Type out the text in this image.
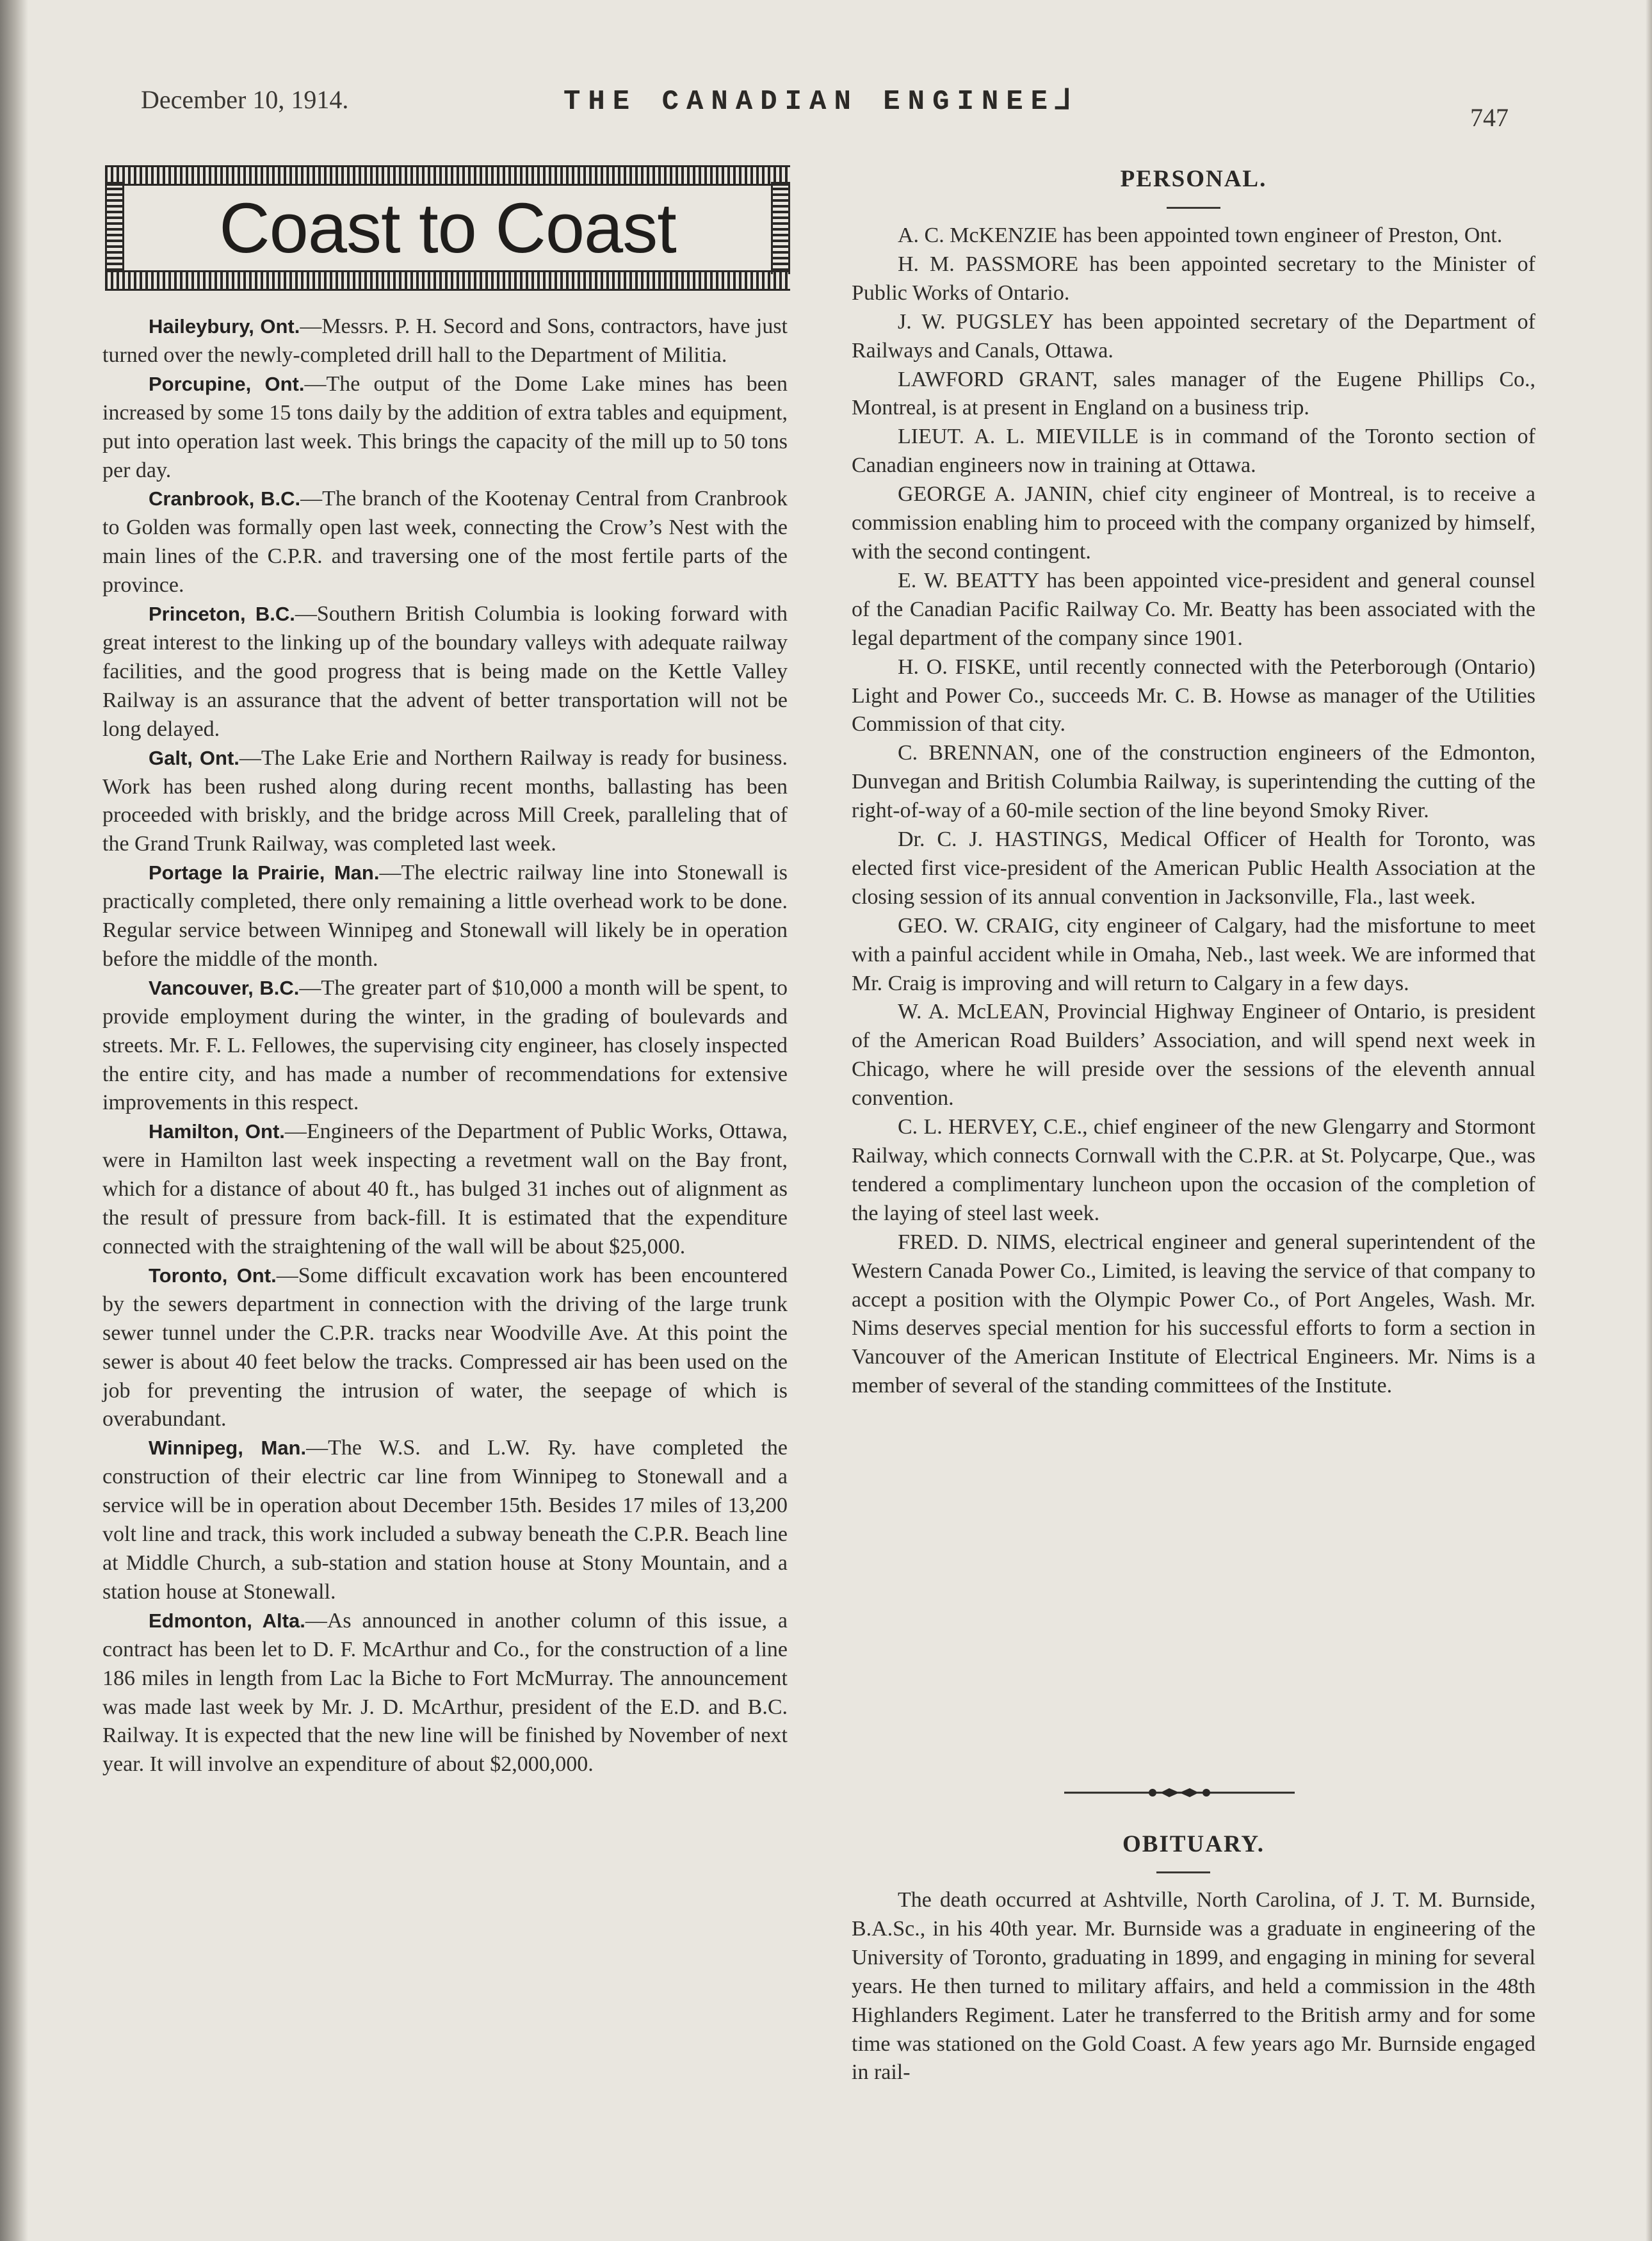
December 10, 1914.	THE CANADIAN ENGINEE⅃	747
Coast to Coast

Haileybury, Ont.—Messrs. P. H. Secord and Sons, contractors, have just turned over the newly-completed drill hall to the Department of Militia.

Porcupine, Ont.—The output of the Dome Lake mines has been increased by some 15 tons daily by the addition of extra tables and equipment, put into operation last week. This brings the capacity of the mill up to 50 tons per day.

Cranbrook, B.C.—The branch of the Kootenay Central from Cranbrook to Golden was formally open last week, connecting the Crow’s Nest with the main lines of the C.P.R. and traversing one of the most fertile parts of the province.

Princeton, B.C.—Southern British Columbia is looking forward with great interest to the linking up of the boundary valleys with adequate railway facilities, and the good progress that is being made on the Kettle Valley Railway is an assurance that the advent of better transportation will not be long delayed.

Galt, Ont.—The Lake Erie and Northern Railway is ready for business. Work has been rushed along during recent months, ballasting has been proceeded with briskly, and the bridge across Mill Creek, paralleling that of the Grand Trunk Railway, was completed last week.

Portage la Prairie, Man.—The electric railway line into Stonewall is practically completed, there only remaining a little overhead work to be done. Regular service between Winnipeg and Stonewall will likely be in operation before the middle of the month.

Vancouver, B.C.—The greater part of $10,000 a month will be spent, to provide employment during the winter, in the grading of boulevards and streets. Mr. F. L. Fellowes, the supervising city engineer, has closely inspected the entire city, and has made a number of recommendations for extensive improvements in this respect.

Hamilton, Ont.—Engineers of the Department of Public Works, Ottawa, were in Hamilton last week inspecting a revetment wall on the Bay front, which for a distance of about 40 ft., has bulged 31 inches out of alignment as the result of pressure from back-fill. It is estimated that the expenditure connected with the straightening of the wall will be about $25,000.

Toronto, Ont.—Some difficult excavation work has been encountered by the sewers department in connection with the driving of the large trunk sewer tunnel under the C.P.R. tracks near Woodville Ave. At this point the sewer is about 40 feet below the tracks. Compressed air has been used on the job for preventing the intrusion of water, the seepage of which is overabundant.

Winnipeg, Man.—The W.S. and L.W. Ry. have completed the construction of their electric car line from Winnipeg to Stonewall and a service will be in operation about December 15th. Besides 17 miles of 13,200 volt line and track, this work included a subway beneath the C.P.R. Beach line at Middle Church, a sub-station and station house at Stony Mountain, and a station house at Stonewall.

Edmonton, Alta.—As announced in another column of this issue, a contract has been let to D. F. McArthur and Co., for the construction of a line 186 miles in length from Lac la Biche to Fort McMurray. The announcement was made last week by Mr. J. D. McArthur, president of the E.D. and B.C. Railway. It is expected that the new line will be finished by November of next year. It will involve an expenditure of about $2,000,000.

PERSONAL.

A. C. McKENZIE has been appointed town engineer of Preston, Ont.

H. M. PASSMORE has been appointed secretary to the Minister of Public Works of Ontario.

J. W. PUGSLEY has been appointed secretary of the Department of Railways and Canals, Ottawa.

LAWFORD GRANT, sales manager of the Eugene Phillips Co., Montreal, is at present in England on a business trip.

LIEUT. A. L. MIEVILLE is in command of the Toronto section of Canadian engineers now in training at Ottawa.

GEORGE A. JANIN, chief city engineer of Montreal, is to receive a commission enabling him to proceed with the company organized by himself, with the second contingent.

E. W. BEATTY has been appointed vice-president and general counsel of the Canadian Pacific Railway Co. Mr. Beatty has been associated with the legal department of the company since 1901.

H. O. FISKE, until recently connected with the Peterborough (Ontario) Light and Power Co., succeeds Mr. C. B. Howse as manager of the Utilities Commission of that city.

C. BRENNAN, one of the construction engineers of the Edmonton, Dunvegan and British Columbia Railway, is superintending the cutting of the right-of-way of a 60-mile section of the line beyond Smoky River.

Dr. C. J. HASTINGS, Medical Officer of Health for Toronto, was elected first vice-president of the American Public Health Association at the closing session of its annual convention in Jacksonville, Fla., last week.

GEO. W. CRAIG, city engineer of Calgary, had the misfortune to meet with a painful accident while in Omaha, Neb., last week. We are informed that Mr. Craig is improving and will return to Calgary in a few days.

W. A. McLEAN, Provincial Highway Engineer of Ontario, is president of the American Road Builders’ Association, and will spend next week in Chicago, where he will preside over the sessions of the eleventh annual convention.

C. L. HERVEY, C.E., chief engineer of the new Glengarry and Stormont Railway, which connects Cornwall with the C.P.R. at St. Polycarpe, Que., was tendered a complimentary luncheon upon the occasion of the completion of the laying of steel last week.

FRED. D. NIMS, electrical engineer and general superintendent of the Western Canada Power Co., Limited, is leaving the service of that company to accept a position with the Olympic Power Co., of Port Angeles, Wash. Mr. Nims deserves special mention for his successful efforts to form a section in Vancouver of the American Institute of Electrical Engineers. Mr. Nims is a member of several of the standing committees of the Institute.

OBITUARY.

The death occurred at Ashtville, North Carolina, of J. T. M. Burnside, B.A.Sc., in his 40th year. Mr. Burnside was a graduate in engineering of the University of Toronto, graduating in 1899, and engaging in mining for several years. He then turned to military affairs, and held a commission in the 48th Highlanders Regiment. Later he transferred to the British army and for some time was stationed on the Gold Coast. A few years ago Mr. Burnside engaged in rail-
